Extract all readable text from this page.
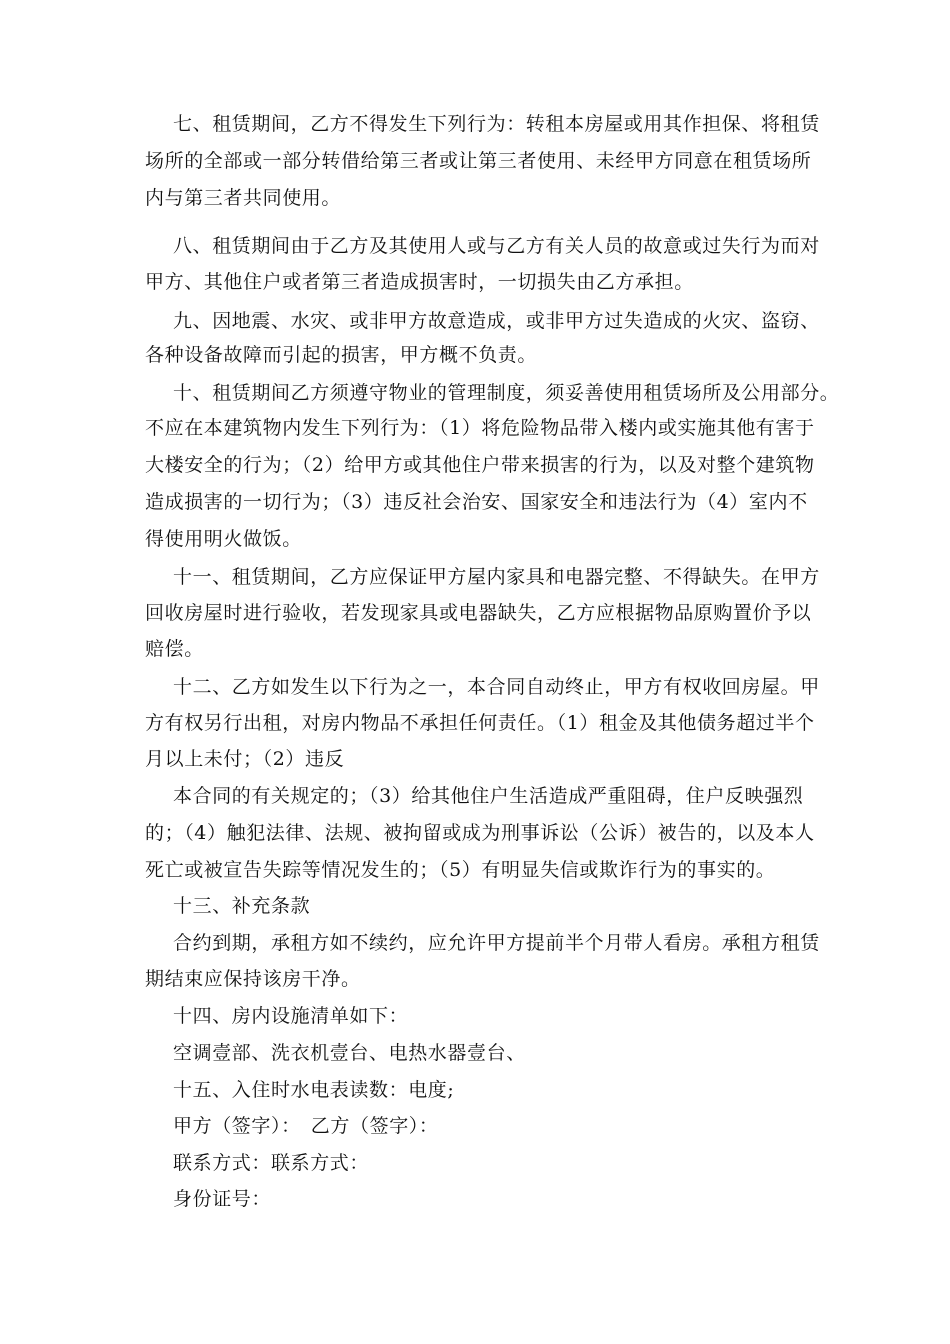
七、租赁期间，乙方不得发生下列行为：转租本房屋或用其作担保、将租赁
场所的全部或一部分转借给第三者或让第三者使用、未经甲方同意在租赁场所
内与第三者共同使用。
八、租赁期间由于乙方及其使用人或与乙方有关人员的故意或过失行为而对
甲方、其他住户或者第三者造成损害时，一切损失由乙方承担。
九、因地震、水灾、或非甲方故意造成，或非甲方过失造成的火灾、盗窃、
各种设备故障而引起的损害，甲方概不负责。
十、租赁期间乙方须遵守物业的管理制度，须妥善使用租赁场所及公用部分。
不应在本建筑物内发生下列行为：（1）将危险物品带入楼内或实施其他有害于
大楼安全的行为；（2）给甲方或其他住户带来损害的行为，以及对整个建筑物
造成损害的一切行为；（3）违反社会治安、国家安全和违法行为（4）室内不
得使用明火做饭。
十一、租赁期间，乙方应保证甲方屋内家具和电器完整、不得缺失。在甲方
回收房屋时进行验收，若发现家具或电器缺失，乙方应根据物品原购置价予以
赔偿。
十二、乙方如发生以下行为之一，本合同自动终止，甲方有权收回房屋。甲
方有权另行出租，对房内物品不承担任何责任。（1）租金及其他债务超过半个
月以上未付；（2）违反
本合同的有关规定的；（3）给其他住户生活造成严重阻碍，住户反映强烈
的；（4）触犯法律、法规、被拘留或成为刑事诉讼（公诉）被告的，以及本人
死亡或被宣告失踪等情况发生的；（5）有明显失信或欺诈行为的事实的。
十三、补充条款
合约到期，承租方如不续约，应允许甲方提前半个月带人看房。承租方租赁
期结束应保持该房干净。
十四、房内设施清单如下：
空调壹部、洗衣机壹台、电热水器壹台、
十五、入住时水电表读数：电度;
甲方（签字）：　乙方（签字）：
联系方式：联系方式：
身份证号：
